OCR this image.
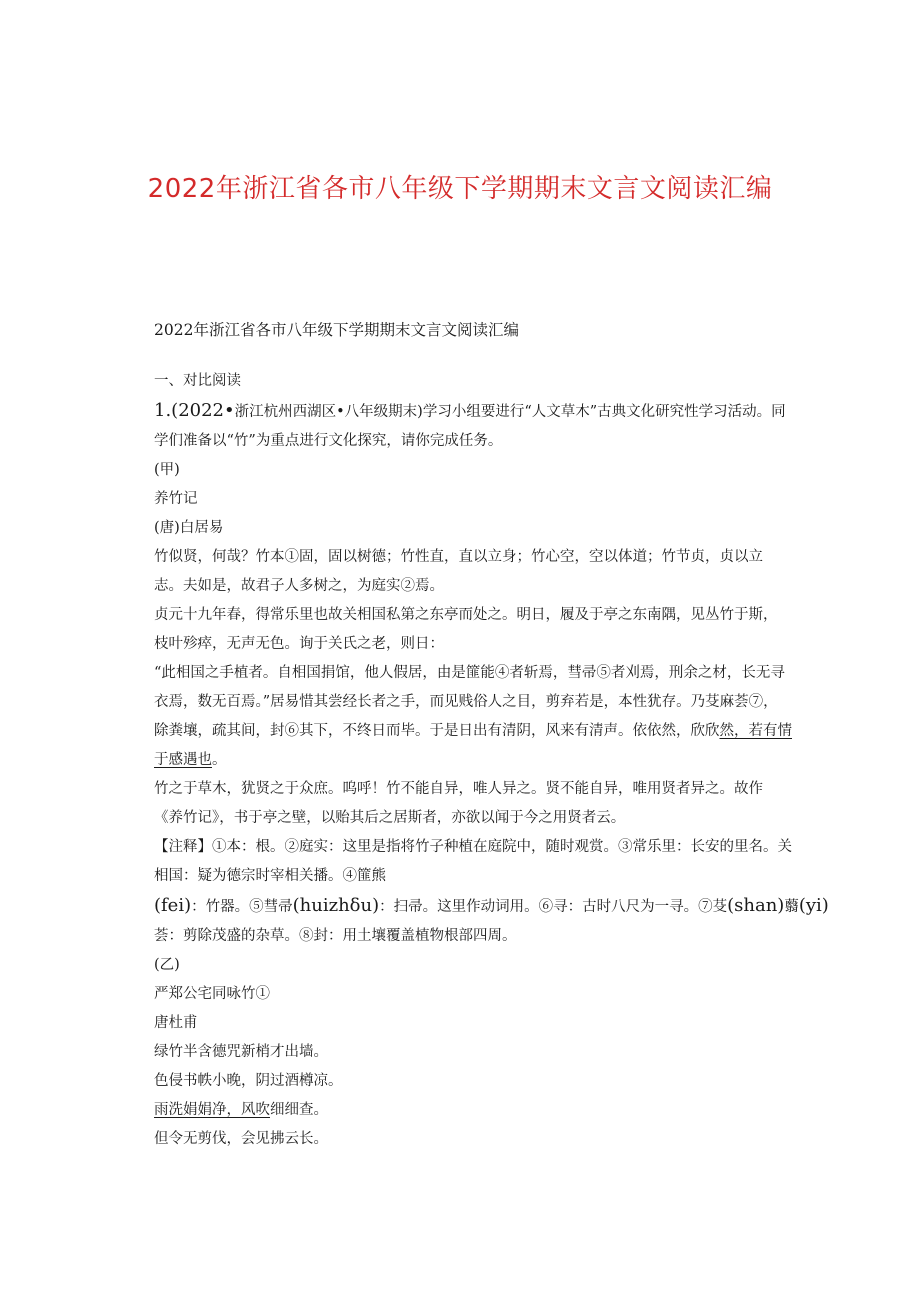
2022年浙江省各市八年级下学期期末文言文阅读汇编
2022年浙江省各市八年级下学期期末文言文阅读汇编
一、对比阅读
1.(2022•浙江杭州西湖区•八年级期末)学习小组要进行“人文草木”古典文化研究性学习活动。同
学们准备以“竹”为重点进行文化探究，请你完成任务。
(甲)
养竹记
(唐)白居易
竹似贤，何哉？竹本①固，固以树德；竹性直，直以立身；竹心空，空以体道；竹节贞，贞以立
志。夫如是，故君子人多树之，为庭实②焉。
贞元十九年春，得常乐里也故关相国私第之东亭而处之。明日，履及于亭之东南隅，见丛竹于斯，
枝叶殄瘁，无声无色。询于关氏之老，则日：
“此相国之手植者。自相国捐馆，他人假居，由是篚能④者斩焉，彗帚⑤者刈焉，刑余之材，长无寻
衣焉，数无百焉。”居易惜其尝经长者之手，而见贱俗人之目，剪弃若是，本性犹存。乃芟麻荟⑦，
除粪壤，疏其间，封⑥其下，不终日而毕。于是日出有清阴，风来有清声。依依然，欣欣然，若有情
于感遇也。
竹之于草木，犹贤之于众庶。呜呼！竹不能自异，唯人异之。贤不能自异，唯用贤者异之。故作
《养竹记》，书于亭之壁，以贻其后之居斯者，亦欲以闻于今之用贤者云。
【注释】①本：根。②庭实：这里是指将竹子种植在庭院中，随时观赏。③常乐里：长安的里名。关
相国：疑为德宗时宰相关播。④篚熊
(fei)：竹器。⑤彗帚(huizhδu)：扫帚。这里作动词用。⑥寻：古时八尺为一寻。⑦芟(shan)蘙(yi)
荟：剪除茂盛的杂草。⑧封：用土壤覆盖植物根部四周。
(乙)
严郑公宅同咏竹①
唐杜甫
绿竹半含德咒新梢才出墙。
色侵书帙小晚，阴过酒樽凉。
雨洗娟娟净，风吹细细查。
但令无剪伐，会见拂云长。
